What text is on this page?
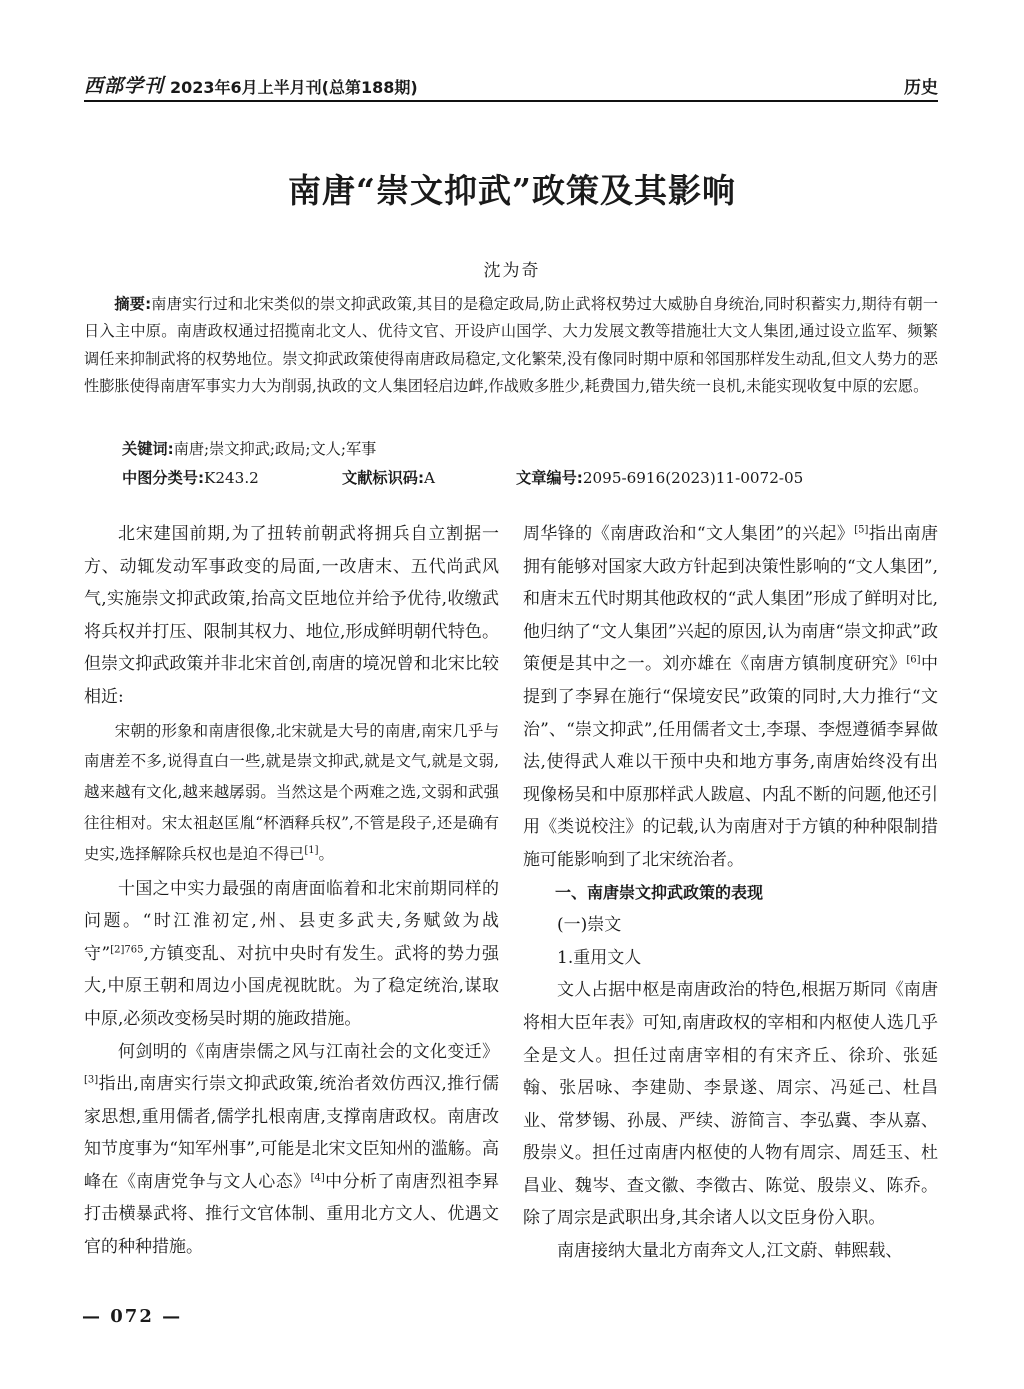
西部学刊 2023年6月上半月刊(总第188期)	历史
南唐“崇文抑武”政策及其影响
沈为奇

摘要:南唐实行过和北宋类似的崇文抑武政策,其目的是稳定政局,防止武将权势过大威胁自身统治,同时积蓄实力,期待有朝一日入主中原。南唐政权通过招揽南北文人、优待文官、开设庐山国学、大力发展文教等措施壮大文人集团,通过设立监军、频繁调任来抑制武将的权势地位。崇文抑武政策使得南唐政局稳定,文化繁荣,没有像同时期中原和邻国那样发生动乱,但文人势力的恶性膨胀使得南唐军事实力大为削弱,执政的文人集团轻启边衅,作战败多胜少,耗费国力,错失统一良机,未能实现收复中原的宏愿。

关键词:南唐;崇文抑武;政局;文人;军事
中图分类号:K243.2	文献标识码:A	文章编号:2095-6916(2023)11-0072-05

北宋建国前期,为了扭转前朝武将拥兵自立割据一方、动辄发动军事政变的局面,一改唐末、五代尚武风气,实施崇文抑武政策,抬高文臣地位并给予优待,收缴武将兵权并打压、限制其权力、地位,形成鲜明朝代特色。但崇文抑武政策并非北宋首创,南唐的境况曾和北宋比较相近:

宋朝的形象和南唐很像,北宋就是大号的南唐,南宋几乎与南唐差不多,说得直白一些,就是崇文抑武,就是文气,就是文弱,越来越有文化,越来越孱弱。当然这是个两难之选,文弱和武强往往相对。宋太祖赵匡胤“杯酒释兵权”,不管是段子,还是确有史实,选择解除兵权也是迫不得已[1]。

十国之中实力最强的南唐面临着和北宋前期同样的问题。“时江淮初定,州、县吏多武夫,务赋敛为战守”$^{[2]765}$,方镇变乱、对抗中央时有发生。武将的势力强大,中原王朝和周边小国虎视眈眈。为了稳定统治,谋取中原,必须改变杨吴时期的施政措施。

何剑明的《南唐崇儒之风与江南社会的文化变迁》[3]指出,南唐实行崇文抑武政策,统治者效仿西汉,推行儒家思想,重用儒者,儒学扎根南唐,支撑南唐政权。南唐改知节度事为“知军州事”,可能是北宋文臣知州的滥觞。高峰在《南唐党争与文人心态》[4]中分析了南唐烈祖李昪打击横暴武将、推行文官体制、重用北方文人、优遇文官的种种措施。

周华锋的《南唐政治和“文人集团”的兴起》[5]指出南唐拥有能够对国家大政方针起到决策性影响的“文人集团”,和唐末五代时期其他政权的“武人集团”形成了鲜明对比,他归纳了“文人集团”兴起的原因,认为南唐“崇文抑武”政策便是其中之一。刘亦雄在《南唐方镇制度研究》[6]中提到了李昪在施行“保境安民”政策的同时,大力推行“文治”、“崇文抑武”,任用儒者文士,李璟、李煜遵循李昪做法,使得武人难以干预中央和地方事务,南唐始终没有出现像杨吴和中原那样武人跋扈、内乱不断的问题,他还引用《类说校注》的记载,认为南唐对于方镇的种种限制措施可能影响到了北宋统治者。

一、南唐崇文抑武政策的表现

(一)崇文

1.重用文人

文人占据中枢是南唐政治的特色,根据万斯同《南唐将相大臣年表》可知,南唐政权的宰相和内枢使人选几乎全是文人。担任过南唐宰相的有宋齐丘、徐玠、张延翰、张居咏、李建勋、李景遂、周宗、冯延己、杜昌业、常梦锡、孙晟、严续、游简言、李弘冀、李从嘉、殷崇义。担任过南唐内枢使的人物有周宗、周廷玉、杜昌业、魏岑、查文徽、李徵古、陈觉、殷崇义、陈乔。除了周宗是武职出身,其余诸人以文臣身份入职。

南唐接纳大量北方南奔文人,江文蔚、韩熙载、

— 072 —
